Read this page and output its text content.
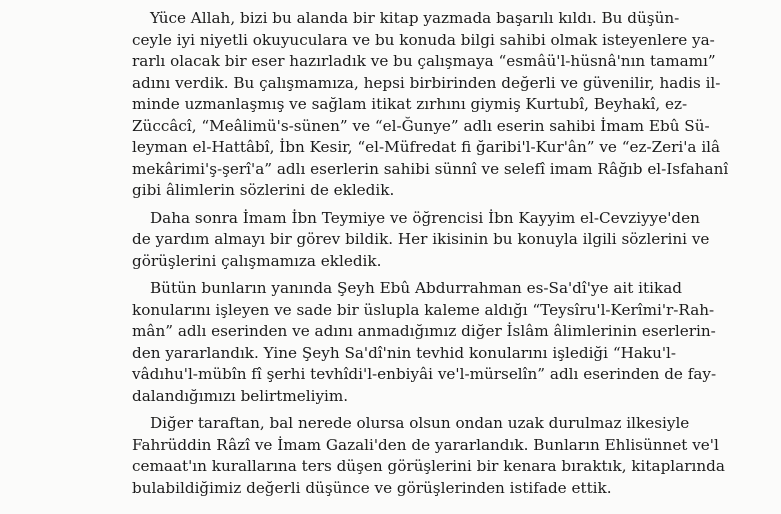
Yüce Allah, bizi bu alanda bir kitap yazmada başarılı kıldı. Bu düşün-
ceyle iyi niyetli okuyuculara ve bu konuda bilgi sahibi olmak isteyenlere ya-
rarlı olacak bir eser hazırladık ve bu çalışmaya “esmâü'l-hüsnâ'nın tamamı”
adını verdik. Bu çalışmamıza, hepsi birbirinden değerli ve güvenilir, hadis il-
minde uzmanlaşmış ve sağlam itikat zırhını giymiş Kurtubî, Beyhakî, ez-
Züccâcî, “Meâlimü's-sünen” ve “el-Ğunye” adlı eserin sahibi İmam Ebû Sü-
leyman el-Hattâbî, İbn Kesir, “el-Müfredat fi ğaribi'l-Kur'ân” ve “ez-Zeri'a ilâ
mekârimi'ş-şerî'a” adlı eserlerin sahibi sünnî ve selefî imam Râğıb el-Isfahanî
gibi âlimlerin sözlerini de ekledik.
Daha sonra İmam İbn Teymiye ve öğrencisi İbn Kayyim el-Cevziyye'den
de yardım almayı bir görev bildik. Her ikisinin bu konuyla ilgili sözlerini ve
görüşlerini çalışmamıza ekledik.
Bütün bunların yanında Şeyh Ebû Abdurrahman es-Sa'dî'ye ait itikad
konularını işleyen ve sade bir üslupla kaleme aldığı “Teysîru'l-Kerîmi'r-Rah-
mân” adlı eserinden ve adını anmadığımız diğer İslâm âlimlerinin eserlerin-
den yararlandık. Yine Şeyh Sa'dî'nin tevhid konularını işlediği “Haku'l-
vâdıhu'l-mübîn fî şerhi tevhîdi'l-enbiyâi ve'l-mürselîn” adlı eserinden de fay-
dalandığımızı belirtmeliyim.
Diğer taraftan, bal nerede olursa olsun ondan uzak durulmaz ilkesiyle
Fahrüddin Râzî ve İmam Gazali'den de yararlandık. Bunların Ehlisünnet ve'l
cemaat'ın kurallarına ters düşen görüşlerini bir kenara bıraktık, kitaplarında
bulabildiğimiz değerli düşünce ve görüşlerinden istifade ettik.
